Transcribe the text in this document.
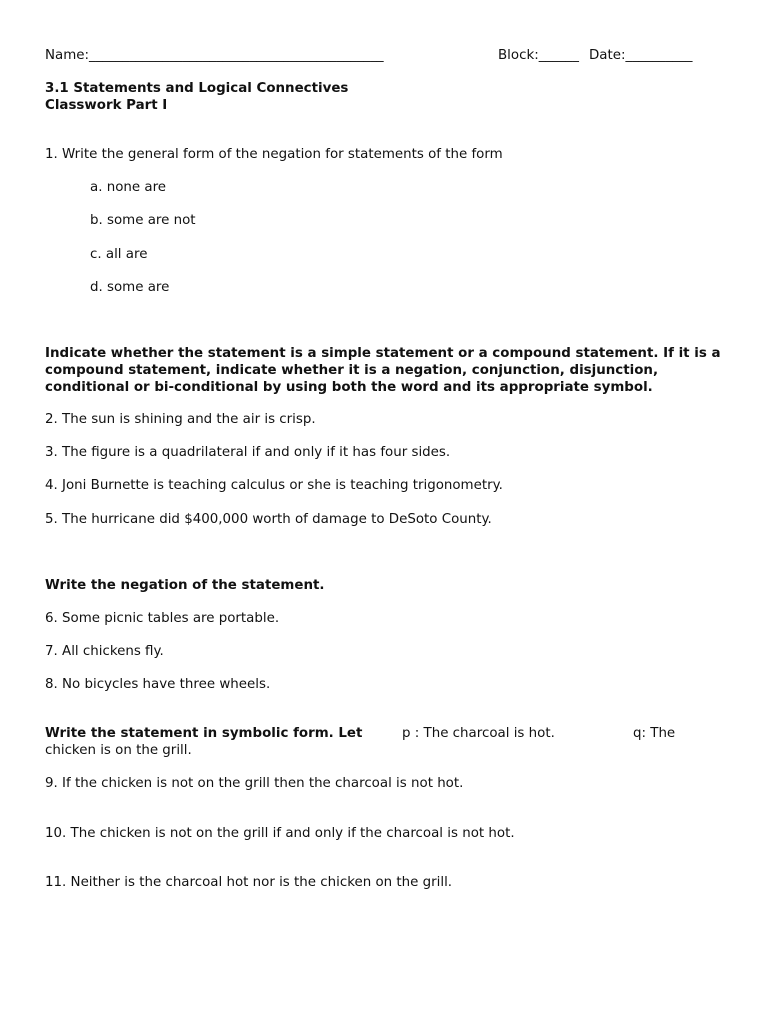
Name:____________________________________________	Block:______ Date:__________
3.1 Statements and Logical Connectives
Classwork Part I
1. Write the general form of the negation for statements of the form
a. none are
b. some are not
c. all are
d. some are
Indicate whether the statement is a simple statement or a compound statement. If it is a compound statement, indicate whether it is a negation, conjunction, disjunction, conditional or bi-conditional by using both the word and its appropriate symbol.
2. The sun is shining and the air is crisp.
3. The figure is a quadrilateral if and only if it has four sides.
4. Joni Burnette is teaching calculus or she is teaching trigonometry.
5. The hurricane did $400,000 worth of damage to DeSoto County.
Write the negation of the statement.
6. Some picnic tables are portable.
7. All chickens fly.
8. No bicycles have three wheels.
Write the statement in symbolic form. Let	p : The charcoal is hot.	q: The
chicken is on the grill.
9. If the chicken is not on the grill then the charcoal is not hot.
10. The chicken is not on the grill if and only if the charcoal is not hot.
11. Neither is the charcoal hot nor is the chicken on the grill.
